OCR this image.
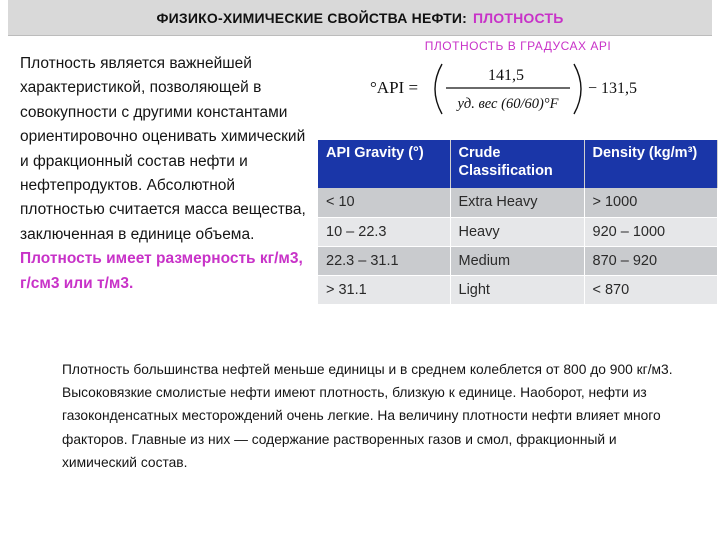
ФИЗИКО-ХИМИЧЕСКИЕ СВОЙСТВА НЕФТИ: ПЛОТНОСТЬ
Плотность является важнейшей характеристикой, позволяющей в совокупности с другими константами ориентировочно оценивать химический и фракционный состав нефти и нефтепродуктов. Абсолютной плотностью считается масса вещества, заключенная в единице объема.
Плотность имеет размерность кг/м3, г/см3 или т/м3.
ПЛОТНОСТЬ В ГРАДУСАХ API
°API =
141,5
уд. вес (60/60)°F
− 131,5
API Gravity (°)	Crude Classification	Density (kg/m³)
< 10	Extra Heavy	> 1000
10 – 22.3	Heavy	920 – 1000
22.3 – 31.1	Medium	870 – 920
> 31.1	Light	< 870
Плотность большинства нефтей меньше единицы и в среднем колеблется от 800 до 900 кг/м3. Высоковязкие смолистые нефти имеют плотность, близкую к единице. Наоборот, нефти из газоконденсатных месторождений очень легкие. На величину плотности нефти влияет много факторов. Главные из них — содержание растворенных газов и смол, фракционный и химический состав.
